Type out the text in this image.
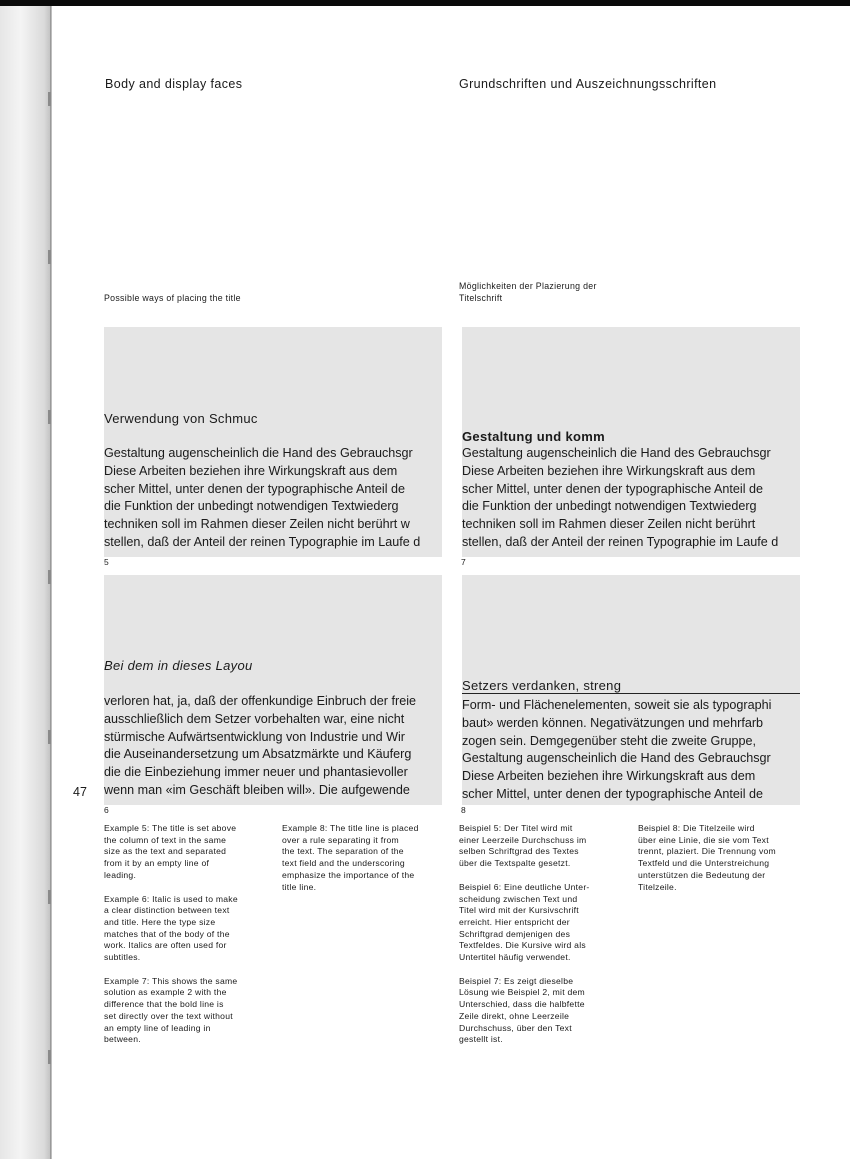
Body and display faces	Grundschriften und Auszeichnungsschriften
Possible ways of placing the title
Möglichkeiten der Plazierung der
Titelschrift
Verwendung von Schmuc
Gestaltung augenscheinlich die Hand des Gebrauchsgr
Diese Arbeiten beziehen ihre Wirkungskraft aus dem
scher Mittel, unter denen der typographische Anteil de
die Funktion der unbedingt notwendigen Textwiederg
techniken soll im Rahmen dieser Zeilen nicht berührt w
stellen, daß der Anteil der reinen Typographie im Laufe d
5
Gestaltung und komm
Gestaltung augenscheinlich die Hand des Gebrauchsgr
Diese Arbeiten beziehen ihre Wirkungskraft aus dem
scher Mittel, unter denen der typographische Anteil de
die Funktion der unbedingt notwendigen Textwiederg
techniken soll im Rahmen dieser Zeilen nicht berührt
stellen, daß der Anteil der reinen Typographie im Laufe d
7
Bei dem in dieses Layou
verloren hat, ja, daß der offenkundige Einbruch der freie
ausschließlich dem Setzer vorbehalten war, eine nicht
stürmische Aufwärtsentwicklung von Industrie und Wir
die Auseinandersetzung um Absatzmärkte und Käuferg
die die Einbeziehung immer neuer und phantasievoller
wenn man «im Geschäft bleiben will». Die aufgewende
6
Setzers verdanken, streng
Form- und Flächenelementen, soweit sie als typographi
baut» werden können. Negativätzungen und mehrfarb
zogen sein. Demgegenüber steht die zweite Gruppe,
Gestaltung augenscheinlich die Hand des Gebrauchsgr
Diese Arbeiten beziehen ihre Wirkungskraft aus dem
scher Mittel, unter denen der typographische Anteil de
8
47

Example 5: The title is set above
the column of text in the same
size as the text and separated
from it by an empty line of
leading.

Example 6: Italic is used to make
a clear distinction between text
and title. Here the type size
matches that of the body of the
work. Italics are often used for
subtitles.

Example 7: This shows the same
solution as example 2 with the
difference that the bold line is
set directly over the text without
an empty line of leading in
between.

Example 8: The title line is placed
over a rule separating it from
the text. The separation of the
text field and the underscoring
emphasize the importance of the
title line.

Beispiel 5: Der Titel wird mit
einer Leerzeile Durchschuss im
selben Schriftgrad des Textes
über die Textspalte gesetzt.

Beispiel 6: Eine deutliche Unter-
scheidung zwischen Text und
Titel wird mit der Kursivschrift
erreicht. Hier entspricht der
Schriftgrad demjenigen des
Textfeldes. Die Kursive wird als
Untertitel häufig verwendet.

Beispiel 7: Es zeigt dieselbe
Lösung wie Beispiel 2, mit dem
Unterschied, dass die halbfette
Zeile direkt, ohne Leerzeile
Durchschuss, über den Text
gestellt ist.

Beispiel 8: Die Titelzeile wird
über eine Linie, die sie vom Text
trennt, plaziert. Die Trennung vom
Textfeld und die Unterstreichung
unterstützen die Bedeutung der
Titelzeile.
